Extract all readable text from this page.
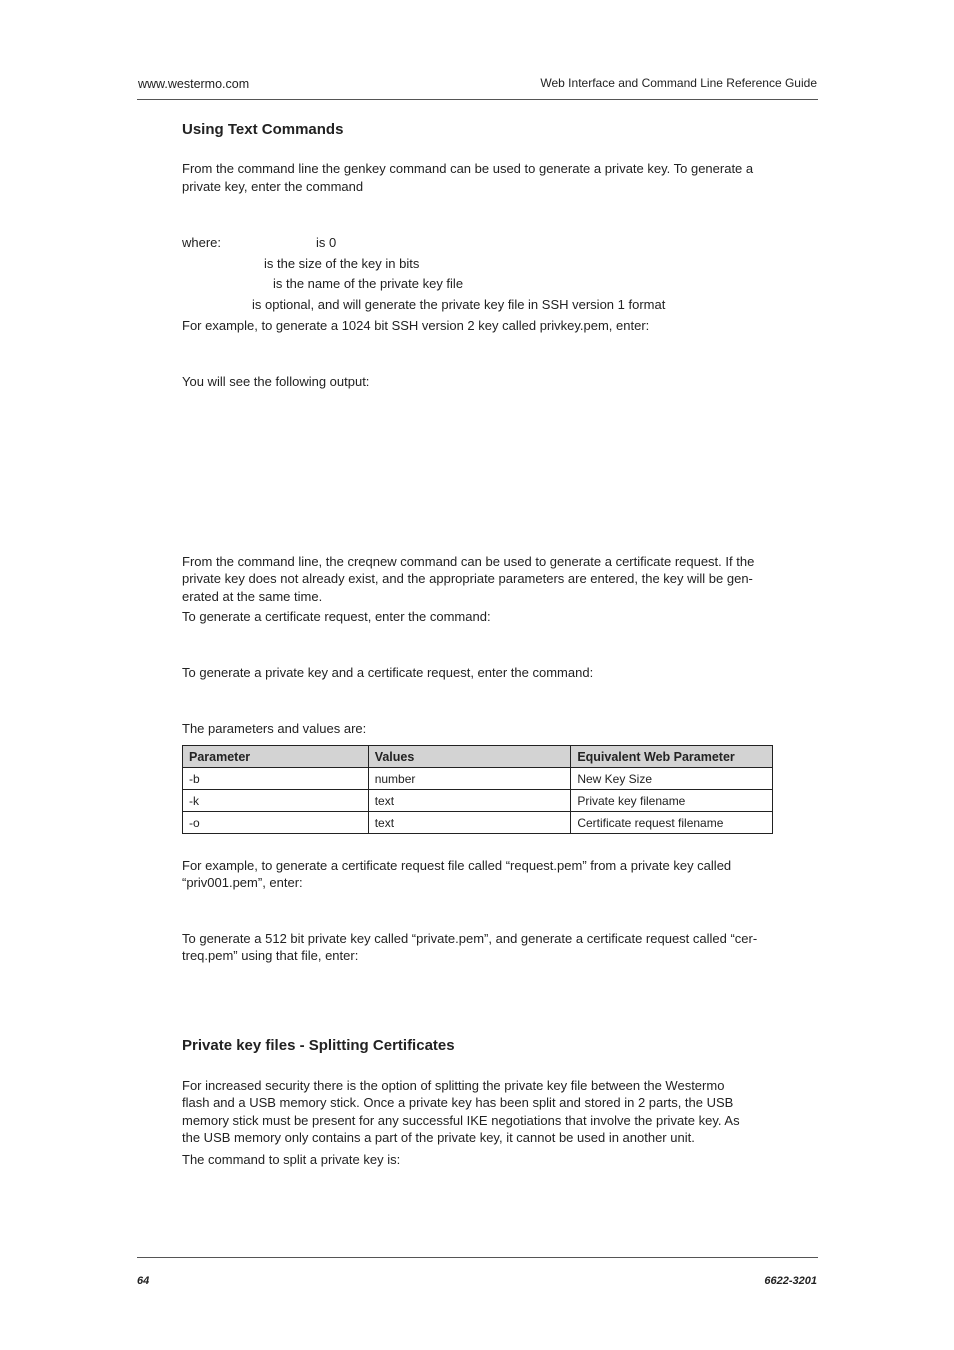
www.westermo.com	Web Interface and Command Line Reference Guide
Using Text Commands
From the command line the genkey command can be used to generate a private key. To generate a
private key, enter the command
where:	is 0
is the size of the key in bits
is the name of the private key file
is optional, and will generate the private key file in SSH version 1 format
For example, to generate a 1024 bit SSH version 2 key called privkey.pem, enter:
You will see the following output:
From the command line, the creqnew command can be used to generate a certificate request. If the
private key does not already exist, and the appropriate parameters are entered, the key will be gen-
erated at the same time.
To generate a certificate request, enter the command:
To generate a private key and a certificate request, enter the command:
The parameters and values are:
Parameter	Values	Equivalent Web Parameter
-b	number	New Key Size
-k	text	Private key filename
-o	text	Certificate request filename
For example, to generate a certificate request file called “request.pem” from a private key called
“priv001.pem”, enter:
To generate a 512 bit private key called “private.pem”, and generate a certificate request called “cer-
treq.pem” using that file, enter:
Private key files - Splitting Certificates
For increased security there is the option of splitting the private key file between the Westermo
flash and a USB memory stick. Once a private key has been split and stored in 2 parts, the USB
memory stick must be present for any successful IKE negotiations that involve the private key. As
the USB memory only contains a part of the private key, it cannot be used in another unit.
The command to split a private key is:
64	6622-3201
